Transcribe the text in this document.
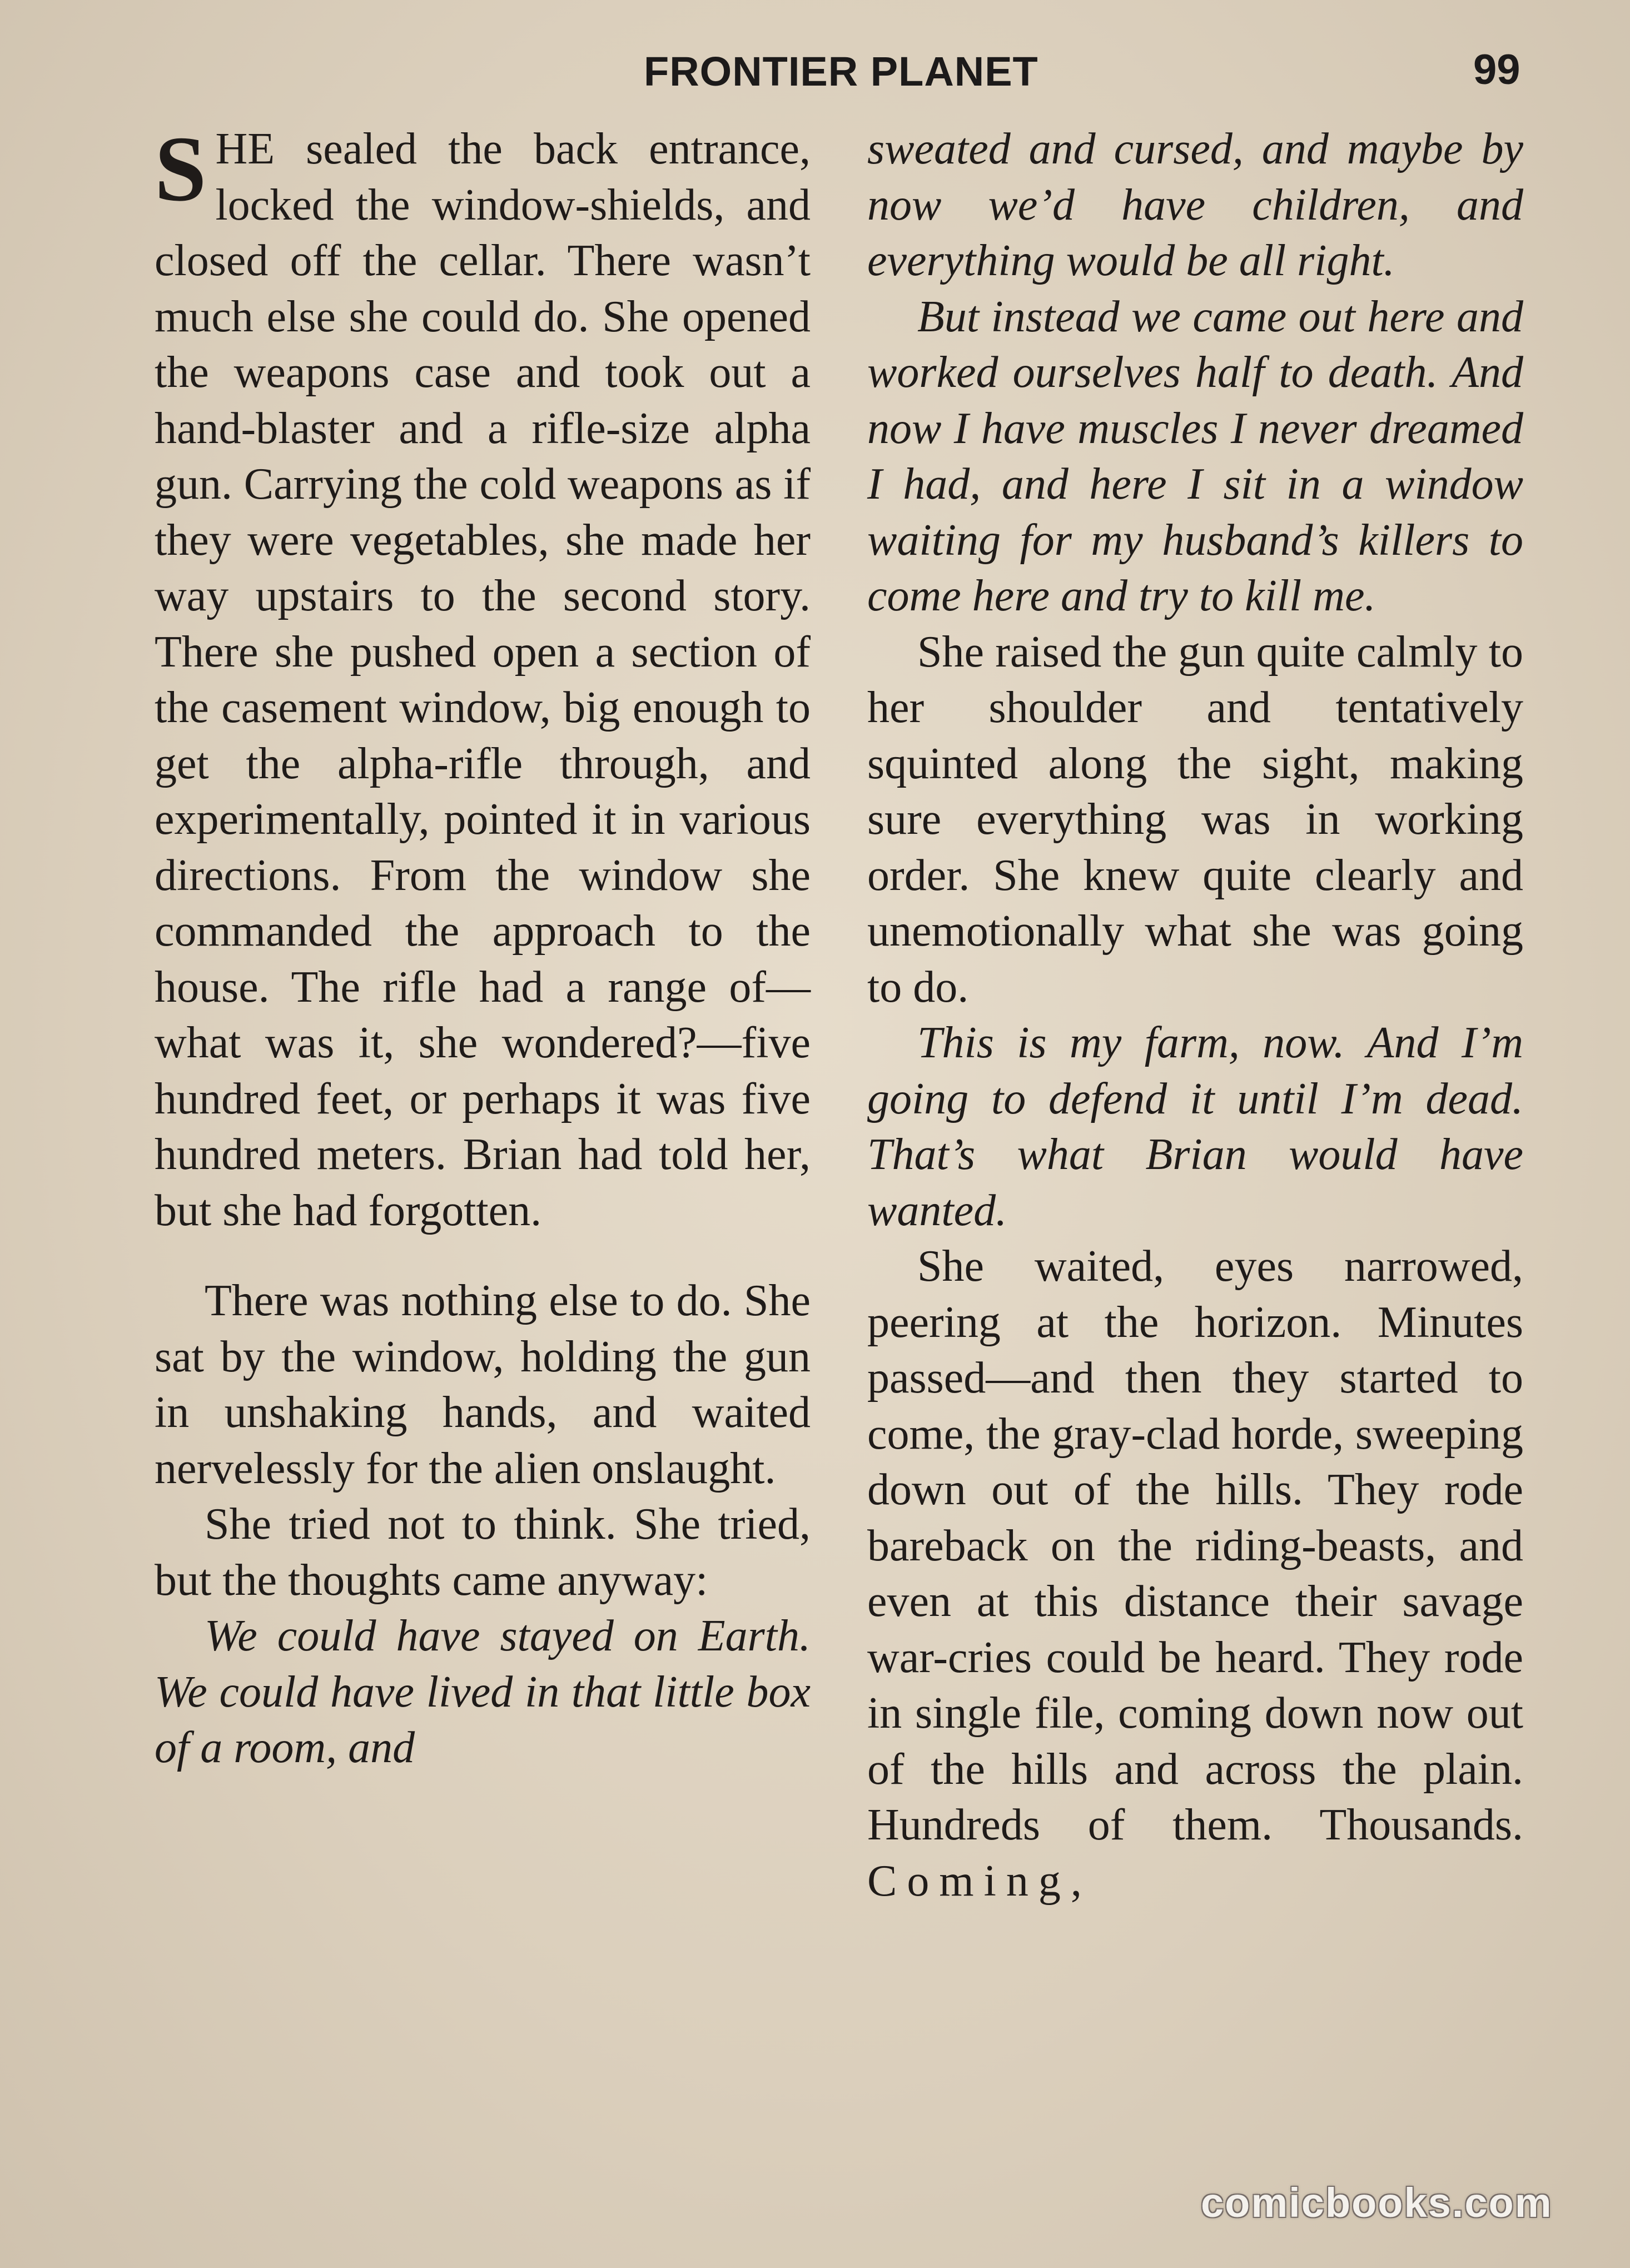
FRONTIER PLANET	99

SHE sealed the back entrance, locked the window-shields, and closed off the cellar. There wasn’t much else she could do. She opened the weapons case and took out a hand-blaster and a rifle-size alpha gun. Carrying the cold weapons as if they were vegetables, she made her way upstairs to the second story. There she pushed open a section of the casement window, big enough to get the alpha-rifle through, and experimentally, pointed it in various directions. From the window she commanded the approach to the house. The rifle had a range of—what was it, she wondered?—five hundred feet, or perhaps it was five hundred meters. Brian had told her, but she had forgotten.

There was nothing else to do. She sat by the window, holding the gun in unshaking hands, and waited nervelessly for the alien onslaught.

She tried not to think. She tried, but the thoughts came anyway:

We could have stayed on Earth. We could have lived in that little box of a room, and

sweated and cursed, and maybe by now we’d have children, and everything would be all right.

But instead we came out here and worked ourselves half to death. And now I have muscles I never dreamed I had, and here I sit in a window waiting for my husband’s killers to come here and try to kill me.

She raised the gun quite calmly to her shoulder and tentatively squinted along the sight, making sure everything was in working order. She knew quite clearly and unemotionally what she was going to do.

This is my farm, now. And I’m going to defend it until I’m dead. That’s what Brian would have wanted.

She waited, eyes narrowed, peering at the horizon. Minutes passed—and then they started to come, the gray-clad horde, sweeping down out of the hills. They rode bareback on the riding-beasts, and even at this distance their savage war-cries could be heard. They rode in single file, coming down now out of the hills and across the plain. Hundreds of them. Thousands. Coming,

comicbooks.com
